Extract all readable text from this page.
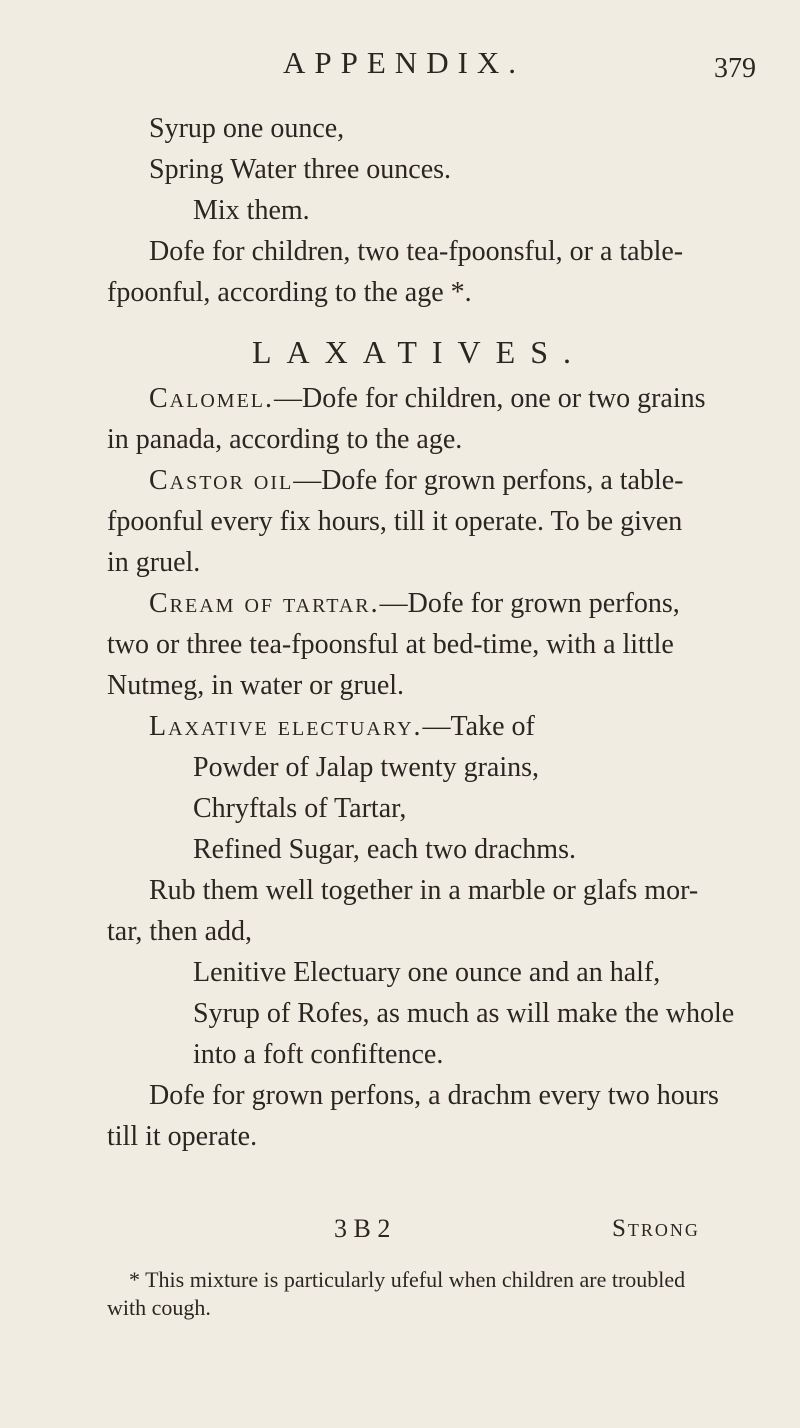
APPENDIX.	379
Syrup one ounce,
Spring Water three ounces.
Mix them.
Dofe for children, two tea-fpoonsful, or a table-
fpoonful, according to the age *.
LAXATIVES.
Calomel.—Dofe for children, one or two grains
in panada, according to the age.
Castor oil—Dofe for grown perfons, a table-
fpoonful every fix hours, till it operate. To be given
in gruel.
Cream of tartar.—Dofe for grown perfons,
two or three tea-fpoonsful at bed-time, with a little
Nutmeg, in water or gruel.
Laxative electuary.—Take of
Powder of Jalap twenty grains,
Chryftals of Tartar,
Refined Sugar, each two drachms.
Rub them well together in a marble or glafs mor-
tar, then add,
Lenitive Electuary one ounce and an half,
Syrup of Rofes, as much as will make the whole
into a foft confiftence.
Dofe for grown perfons, a drachm every two hours
till it operate.
3 B 2	Strong
* This mixture is particularly ufeful when children are troubled
with cough.
